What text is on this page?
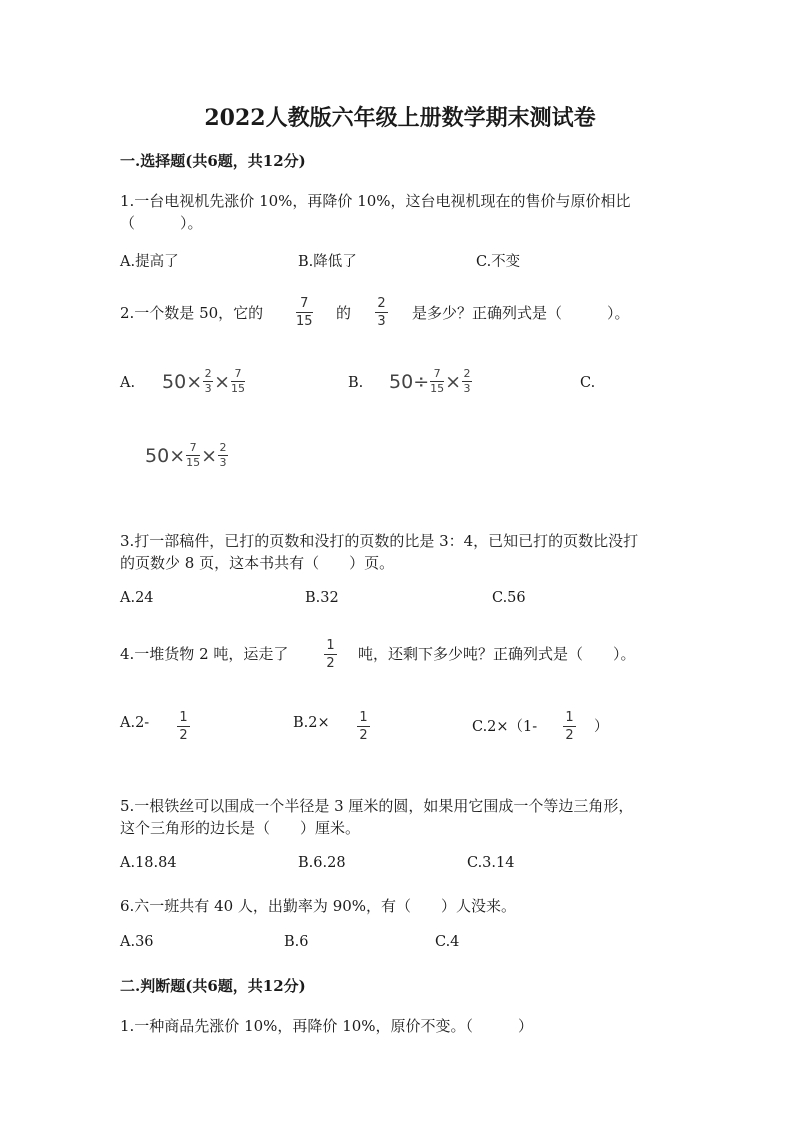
2022人教版六年级上册数学期末测试卷
一.选择题(共6题，共12分)
1.一台电视机先涨价 10%，再降价 10%，这台电视机现在的售价与原价相比
（　　　）。
A.提高了	B.降低了	C.不变
2.一个数是 50，它的
7
15 的
2
3 是多少？正确列式是（　　　）。
A. $50 \times \frac{2}{3} \times \frac{7}{15}$	B. $50 \div \frac{7}{15} \times \frac{2}{3}$	C.
$50 \times \frac{7}{15} \times \frac{2}{3}$
3.打一部稿件，已打的页数和没打的页数的比是 3：4，已知已打的页数比没打
的页数少 8 页，这本书共有（　　）页。
A.24	B.32	C.56
4.一堆货物 2 吨，运走了	1
2
吨，还剩下多少吨？正确列式是（　　）。
A.2- 1
2
B.2× 1
2
C.2×（1-
1
2
）
5.一根铁丝可以围成一个半径是 3 厘米的圆，如果用它围成一个等边三角形，
这个三角形的边长是（　　）厘米。
A.18.84	B.6.28	C.3.14
6.六一班共有 40 人，出勤率为 90%，有（　　）人没来。
A.36	B.6	C.4
二.判断题(共6题，共12分)
1.一种商品先涨价 10%，再降价 10%，原价不变。（　　　）
